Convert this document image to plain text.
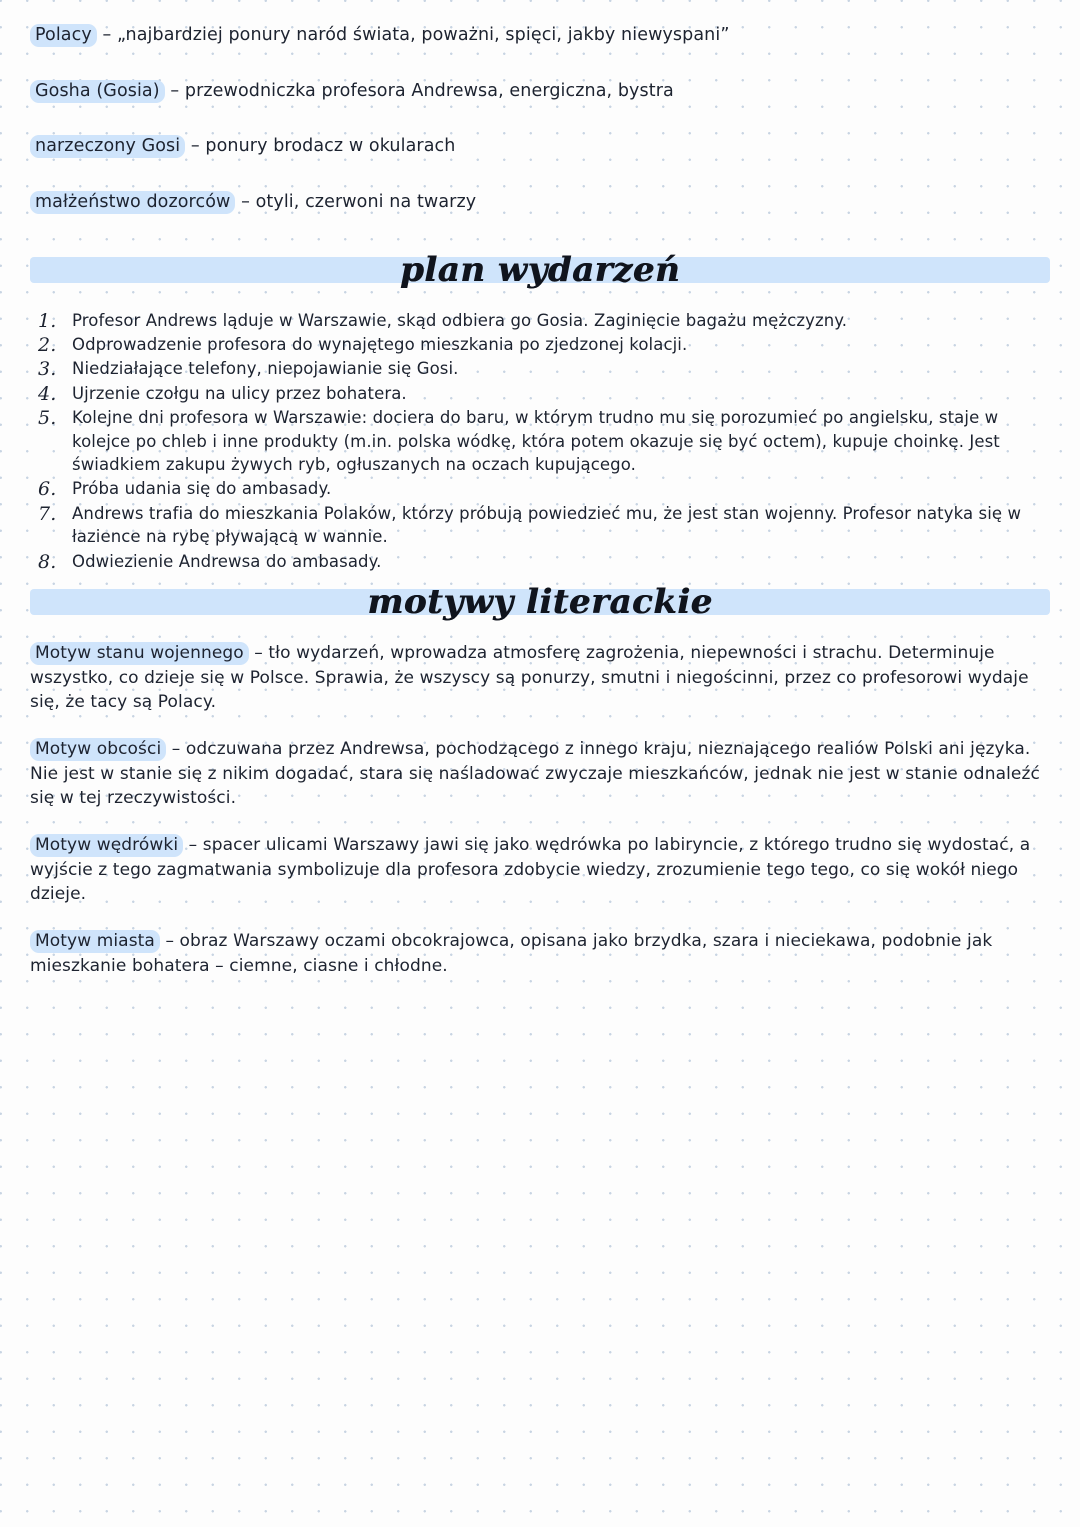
Polacy – „najbardziej ponury naród świata, poważni, spięci, jakby niewyspani”
Gosha (Gosia) – przewodniczka profesora Andrewsa, energiczna, bystra
narzeczony Gosi – ponury brodacz w okularach
małżeństwo dozorców – otyli, czerwoni na twarzy
plan wydarzeń
1. Profesor Andrews ląduje w Warszawie, skąd odbiera go Gosia. Zaginięcie bagażu mężczyzny.
2. Odprowadzenie profesora do wynajętego mieszkania po zjedzonej kolacji.
3. Niedziałające telefony, niepojawianie się Gosi.
4. Ujrzenie czołgu na ulicy przez bohatera.
5. Kolejne dni profesora w Warszawie: dociera do baru, w którym trudno mu się porozumieć po angielsku, staje w kolejce po chleb i inne produkty (m.in. polska wódkę, która potem okazuje się być octem), kupuje choinkę. Jest świadkiem zakupu żywych ryb, ogłuszanych na oczach kupującego.
6. Próba udania się do ambasady.
7. Andrews trafia do mieszkania Polaków, którzy próbują powiedzieć mu, że jest stan wojenny. Profesor natyka się w łazience na rybę pływającą w wannie.
8. Odwiezienie Andrewsa do ambasady.
motywy literackie

Motyw stanu wojennego – tło wydarzeń, wprowadza atmosferę zagrożenia, niepewności i strachu. Determinuje wszystko, co dzieje się w Polsce. Sprawia, że wszyscy są ponurzy, smutni i niegościnni, przez co profesorowi wydaje się, że tacy są Polacy.

Motyw obcości – odczuwana przez Andrewsa, pochodzącego z innego kraju, nieznającego realiów Polski ani języka. Nie jest w stanie się z nikim dogadać, stara się naśladować zwyczaje mieszkańców, jednak nie jest w stanie odnaleźć się w tej rzeczywistości.

Motyw wędrówki – spacer ulicami Warszawy jawi się jako wędrówka po labiryncie, z którego trudno się wydostać, a wyjście z tego zagmatwania symbolizuje dla profesora zdobycie wiedzy, zrozumienie tego tego, co się wokół niego dzieje.

Motyw miasta – obraz Warszawy oczami obcokrajowca, opisana jako brzydka, szara i nieciekawa, podobnie jak mieszkanie bohatera – ciemne, ciasne i chłodne.
